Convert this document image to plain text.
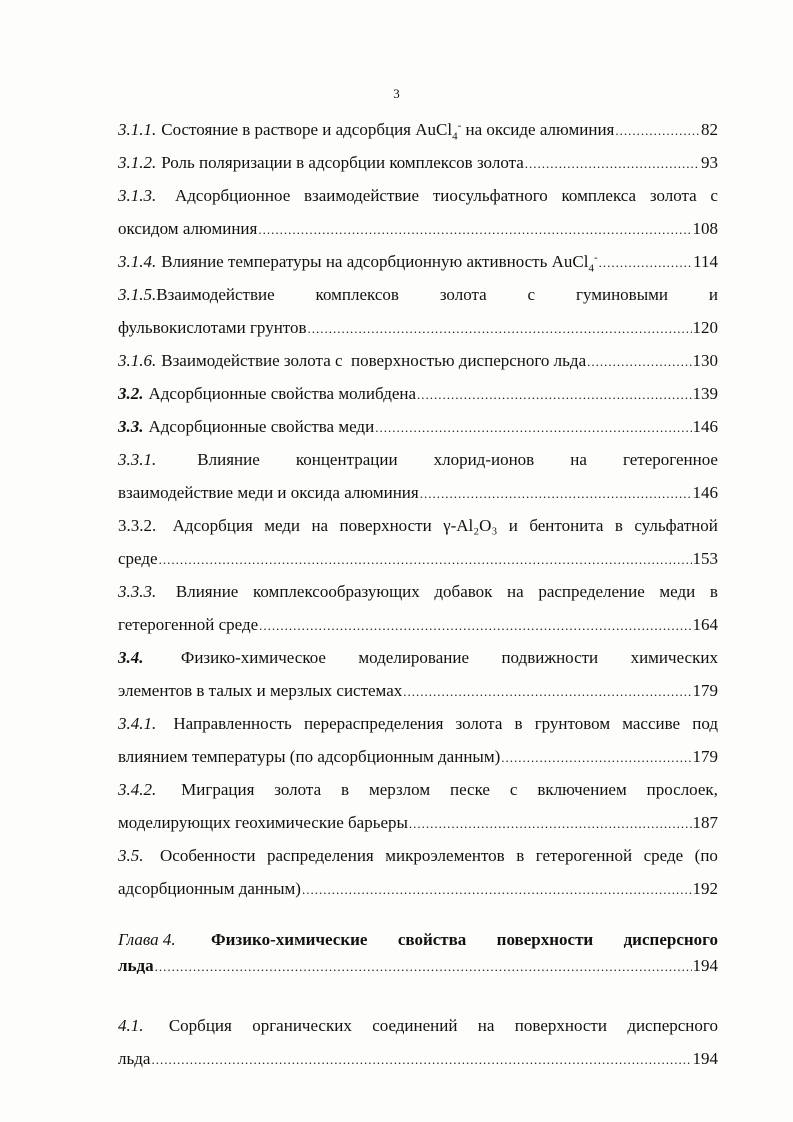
3
3.1.1. Состояние в растворе и адсорбция AuCl$_4$- на оксиде алюминия .....	82
3.1.2. Роль поляризации в адсорбции комплексов золота .....	93
3.1.3. Адсорбционное взаимодействие тиосульфатного комплекса золота с
оксидом алюминия .....	108
3.1.4. Влияние температуры на адсорбционную активность AuCl$_4$- .....	114
3.1.5.Взаимодействие комплексов золота с гуминовыми и
фульвокислотами грунтов .....	120
3.1.6. Взаимодействие золота с  поверхностью дисперсного льда .....	130
3.2. Адсорбционные свойства молибдена .....	139
3.3. Адсорбционные свойства меди .....	146
3.3.1. Влияние концентрации хлорид-ионов на гетерогенное
взаимодействие меди и оксида алюминия .....	146
3.3.2. Адсорбция меди на поверхности γ-Al₂O₃ и бентонита в сульфатной
среде .....	153
3.3.3. Влияние комплексообразующих добавок на распределение меди в
гетерогенной среде .....	164
3.4. Физико-химическое моделирование подвижности химических
элементов в талых и мерзлых системах .....	179
3.4.1. Направленность перераспределения золота в грунтовом массиве под
влиянием температуры (по адсорбционным данным) .....	179
3.4.2. Миграция золота в мерзлом песке с включением прослоек,
моделирующих геохимические барьеры .....	187
3.5. Особенности распределения микроэлементов в гетерогенной среде (по
адсорбционным данным) .....	192
Глава 4. Физико-химические свойства поверхности дисперсного
льда .....	194
4.1. Сорбция органических соединений на поверхности дисперсного
льда .....	194
